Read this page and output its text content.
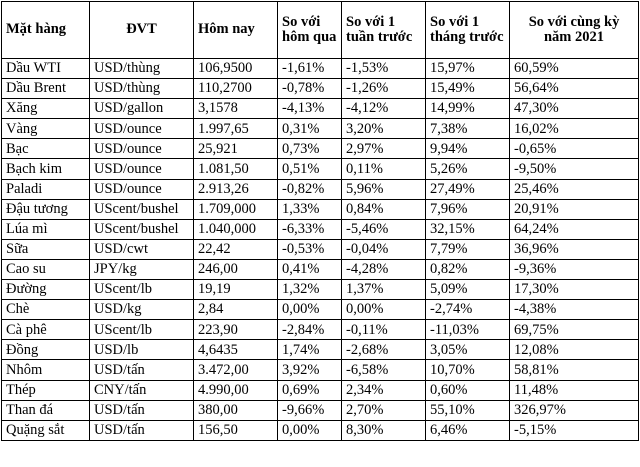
Mặt hàng	ĐVT	Hôm nay	So với hôm qua	So với 1 tuần trước	So với 1 tháng trước	So với cùng kỳ năm 2021
Dầu WTI	USD/thùng	106,9500	-1,61%	-1,53%	15,97%	60,59%
Dầu Brent	USD/thùng	110,2700	-0,78%	-1,26%	15,49%	56,64%
Xăng	USD/gallon	3,1578	-4,13%	-4,12%	14,99%	47,30%
Vàng	USD/ounce	1.997,65	0,31%	3,20%	7,38%	16,02%
Bạc	USD/ounce	25,921	0,73%	2,97%	9,94%	-0,65%
Bạch kim	USD/ounce	1.081,50	0,51%	0,11%	5,26%	-9,50%
Paladi	USD/ounce	2.913,26	-0,82%	5,96%	27,49%	25,46%
Đậu tương	UScent/bushel	1.709,000	1,33%	0,84%	7,96%	20,91%
Lúa mì	UScent/bushel	1.040,000	-6,33%	-5,46%	32,15%	64,24%
Sữa	USD/cwt	22,42	-0,53%	-0,04%	7,79%	36,96%
Cao su	JPY/kg	246,00	0,41%	-4,28%	0,82%	-9,36%
Đường	UScent/lb	19,19	1,32%	1,37%	5,09%	17,30%
Chè	USD/kg	2,84	0,00%	0,00%	-2,74%	-4,38%
Cà phê	UScent/lb	223,90	-2,84%	-0,11%	-11,03%	69,75%
Đồng	USD/lb	4,6435	1,74%	-2,68%	3,05%	12,08%
Nhôm	USD/tấn	3.472,00	3,92%	-6,58%	10,70%	58,81%
Thép	CNY/tấn	4.990,00	0,69%	2,34%	0,60%	11,48%
Than đá	USD/tấn	380,00	-9,66%	2,70%	55,10%	326,97%
Quặng sắt	USD/tấn	156,50	0,00%	8,30%	6,46%	-5,15%
